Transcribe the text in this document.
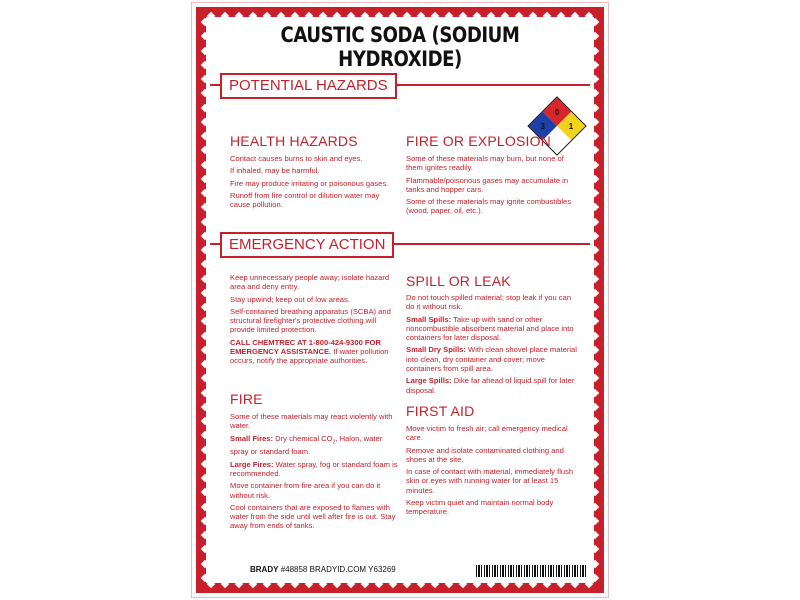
CAUSTIC SODA (SODIUM HYDROXIDE)
POTENTIAL HAZARDS
0
1
3
HEALTH HAZARDS

Contact causes burns to skin and eyes.

If inhaled, may be harmful.

Fire may produce irritating or poisonous gases.

Runoff from fire control or dilution water may cause pollution.

FIRE OR EXPLOSION

Some of these materials may burn, but none of them ignites readily.

Flammable/poisonous gases may accumulate in tanks and hopper cars.

Some of these materials may ignite combustibles (wood, paper, oil, etc.).

EMERGENCY ACTION

Keep unnecessary people away; isolate hazard area and deny entry.

Stay upwind; keep out of low areas.

Self-contained breathing apparatus (SCBA) and structural firefighter's protective clothing will provide limited protection.

CALL CHEMTREC AT 1-800-424-9300 FOR EMERGENCY ASSISTANCE. If water pollution occurs, notify the appropriate authorities.

SPILL OR LEAK

Do not touch spilled material; stop leak if you can do it without risk.

Small Spills: Take up with sand or other noncombustible absorbent material and place into containers for later disposal.

Small Dry Spills: With clean shovel place material into clean, dry container and cover; move containers from spill area.

Large Spills: Dike far ahead of liquid spill for later disposal.

FIRE

Some of these materials may react violently with water.

Small Fires: Dry chemical $CO_2$, Halon, water spray or standard foam.

Large Fires: Water spray, fog or standard foam is recommended.

Move container from fire area if you can do it without risk.

Cool containers that are exposed to flames with water from the side until well after fire is out. Stay away from ends of tanks.

FIRST AID

Move victim to fresh air; call emergency medical care.

Remove and isolate contaminated clothing and shoes at the site.

In case of contact with material, immediately flush skin or eyes with running water for at least 15 minutes.

Keep victim quiet and maintain normal body temperature.

BRADY #48858 BRADYID.COM Y63269
